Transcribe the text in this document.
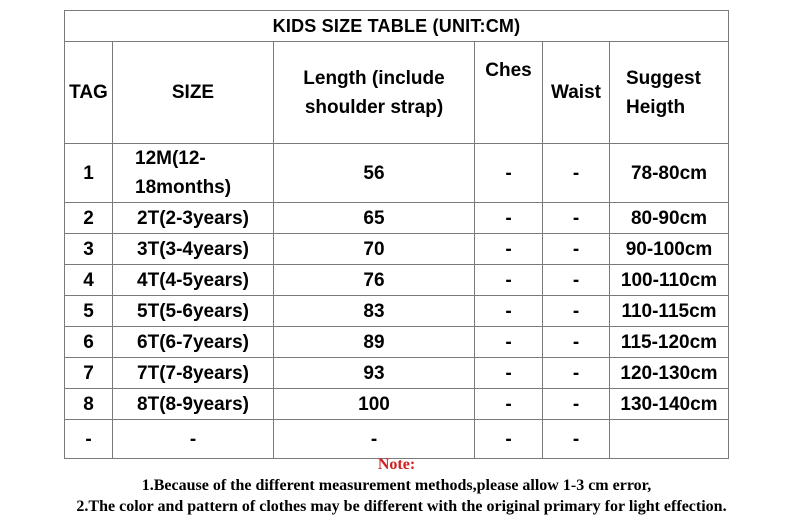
KIDS SIZE TABLE (UNIT:CM)					
TAG	SIZE	Length (include shoulder strap)	Ches	Waist	Suggest Heigth
1	12M(12-18months)	56	-	-	78-80cm
2	2T(2-3years)	65	-	-	80-90cm
3	3T(3-4years)	70	-	-	90-100cm
4	4T(4-5years)	76	-	-	100-110cm
5	5T(5-6years)	83	-	-	110-115cm
6	6T(6-7years)	89	-	-	115-120cm
7	7T(7-8years)	93	-	-	120-130cm
8	8T(8-9years)	100	-	-	130-140cm
-	-	-	-	-	
Note:
1.Because of the different measurement methods,please allow 1-3 cm error,
2.The color and pattern of clothes may be different with the original primary for light effection.
